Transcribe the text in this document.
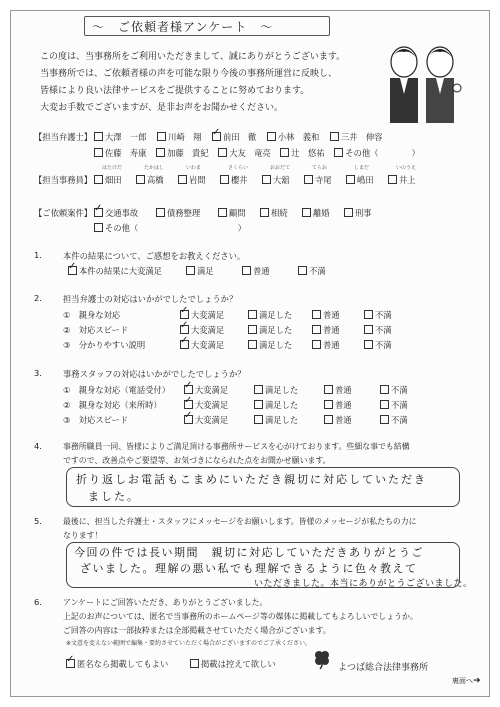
～　ご依頼者様アンケート　～
この度は、当事務所をご利用いただきまして、誠にありがとうございます。
当事務所では、ご依頼者様の声を可能な限り今後の事務所運営に反映し、
皆様により良い法律サービスをご提供することに努めております。
大変お手数でございますが、是非お声をお聞かせください。
【担当弁護士】	大澤　一郎	川崎　翔 ✓	前田　徹	小林　義和	三井　伸容
佐藤　寿康 加藤　貴紀 大友　竜亮 辻　悠祐 その他（　　　　）
【担当事務員】
はたけだ	たかはし	いわま	さくらい	おおだて	てらお	しまだ	いのうえ
畑田	高橋	岩間	櫻井	大舘	寺尾	嶋田	井上
【ご依頼案件】 ✓	交通事故	債務整理	顧問	相続	離婚	刑事
その他（　　　　　　　　　　　　）
1.	本件の結果について、ご感想をお教えください。
✓本件の結果に大変満足	満足	普通	不満
2.	担当弁護士の対応はいかがでしたでしょうか？
①　親身な対応 ✓	大変満足	満足した	普通	不満
②　対応スピード ✓	大変満足	満足した	普通	不満
③　分かりやすい説明 ✓	大変満足	満足した	普通	不満
3.	事務スタッフの対応はいかがでしたでしょうか？
①　親身な対応（電話受付） ✓	大変満足	満足した	普通	不満
②　親身な対応（来所時） ✓	大変満足	満足した	普通	不満
③　対応スピード ✓	大変満足	満足した	普通	不満
4.	事務所職員一同、皆様によりご満足頂ける事務所サービスを心がけております。些細な事でも結構
ですので、改善点やご要望等、お気づきになられた点をお聞かせ願います。
折り返しお電話もこまめにいただき親切に対応していただき
ました。
5.	最後に、担当した弁護士・スタッフにメッセージをお願いします。皆様のメッセージが私たちの力に
なります！
今回の件では長い期間　親切に対応していただきありがとうご
ざいました。理解の悪い私でも理解できるように色々教えて
いただきました。本当にありがとうございました。
6.	アンケートにご回答いただき、ありがとうございました。
上記のお声については、匿名で当事務所のホームページ等の媒体に掲載してもよろしいでしょうか。
ご回答の内容は一部抜粋または全部掲載させていただく場合がございます。
※文意を変えない範囲で編集・要約させていただく場合がございますのでご了承ください。
✓匿名なら掲載してもよい	掲載は控えて欲しい	よつば総合法律事務所
裏面へ➔
